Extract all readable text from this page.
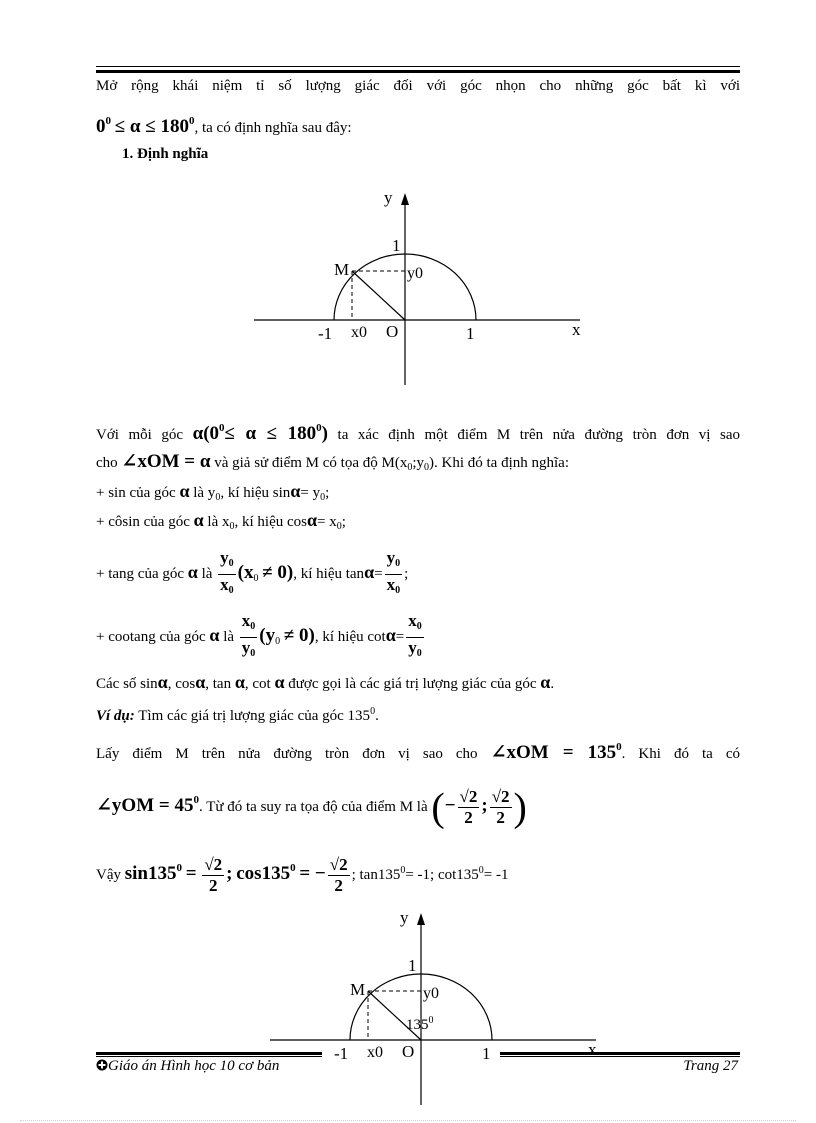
Mở rộng khái niệm tỉ số lượng giác đối với góc nhọn cho những góc bất kì với
$0^0 \le \alpha \le 180^0$, ta có định nghĩa sau đây:
1. Định nghĩa
y
x
1
M	y0
-1 x0 O	1
Với mỗi góc $\alpha(0^0\le \alpha \le 180^0)$ ta xác định một điểm M trên nửa đường tròn đơn vị sao
cho ∠xOM = α và giả sử điểm M có tọa độ $M(x_0;y_0)$. Khi đó ta định nghĩa:
+ sin của góc α là $y_0$, kí hiệu $\sin\alpha= y_0$;
+ côsin của góc α là $x_0$, kí hiệu $\cos\alpha= x_0$;
+ tang của góc α là $\frac{y_0}{x_0} (x_0 \ne 0)$, kí hiệu $\tan\alpha= \frac{y_0}{x_0}$ ;
+ cootang của góc α là $\frac{x_0}{y_0} (y_0 \ne 0)$, kí hiệu $\cot\alpha= \frac{x_0}{y_0}$
Các số sinα, cosα, tan α, cot α được gọi là các giá trị lượng giác của góc α.
Ví dụ: Tìm các giá trị lượng giác của góc $135^0$.
Lấy điểm M trên nửa đường tròn đơn vị sao cho ∠xOM = $135^0$. Khi đó ta có
∠yOM = $45^0$. Từ đó ta suy ra tọa độ của điểm M là (− $\frac{√2}{2}$ ; $\frac{√2}{2}$ )
Vậy $\sin 135^0 = \frac{√2}{2}$ ; $\cos 135^0$ = − $\frac{√2}{2}$ ; $\tan 135^0= -1$; $\cot 135^0= -1$
y
x
1
M	y0
$135^0$
-1 x0 O	1
Giáo án Hình học 10 cơ bản	Trang 27
